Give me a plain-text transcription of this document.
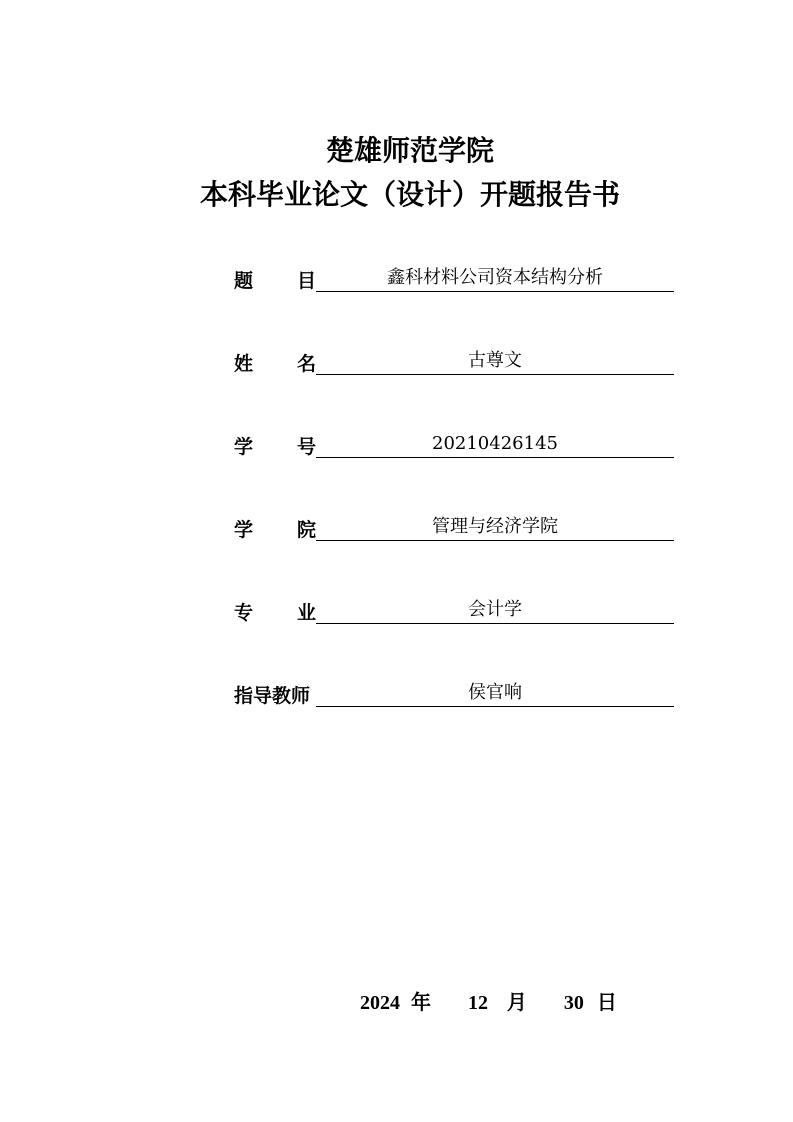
楚雄师范学院
本科毕业论文（设计）开题报告书
题 目	鑫科材料公司资本结构分析
姓 名	古尊文
学 号	20210426145
学 院	管理与经济学院
专 业	会计学
指导教师	侯官响
2024 年 12 月 30 日
